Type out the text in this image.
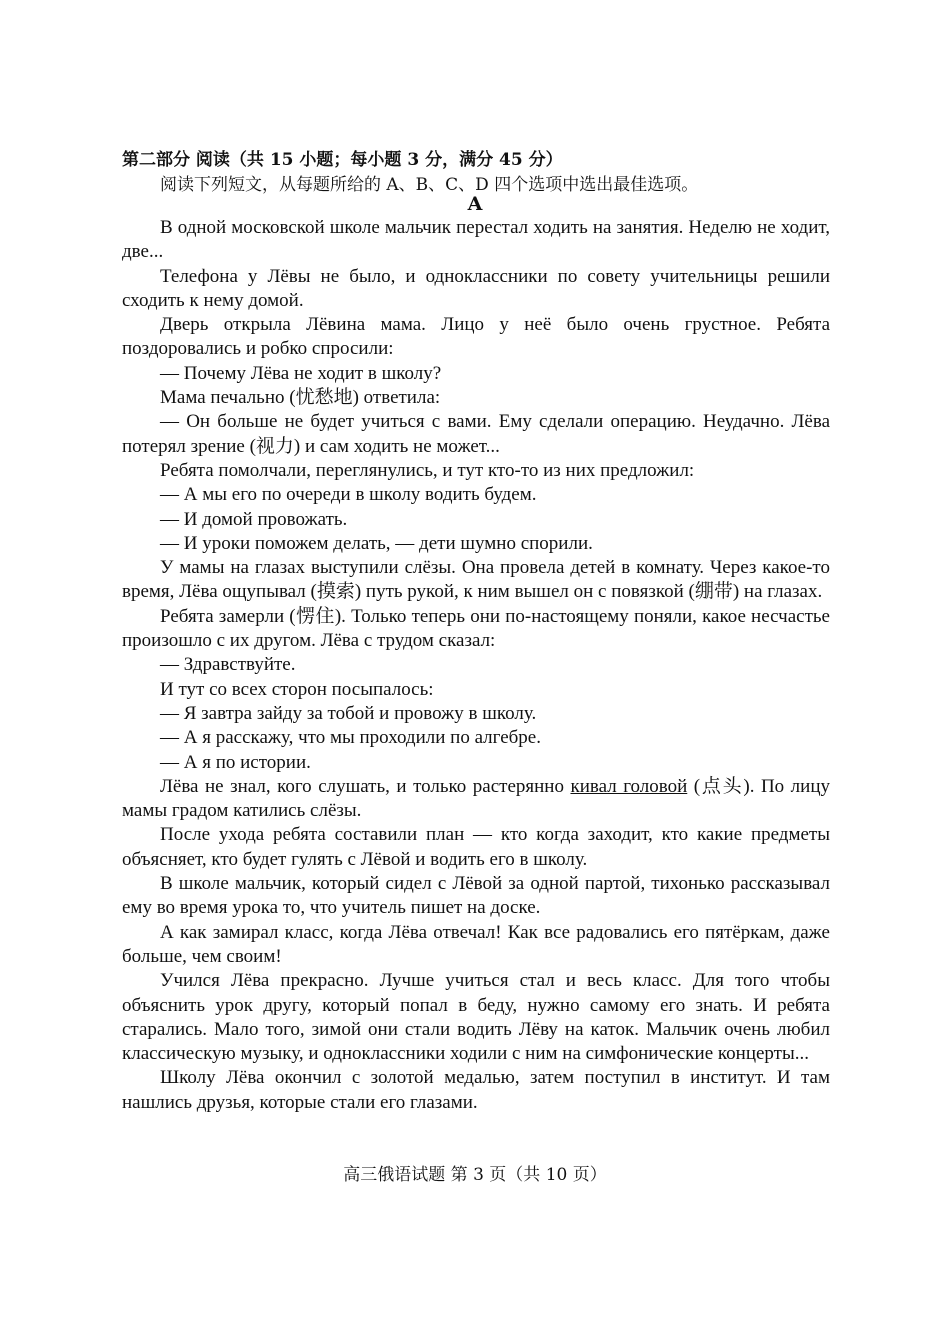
第二部分 阅读（共 15 小题；每小题 3 分，满分 45 分）
阅读下列短文，从每题所给的 A、B、C、D 四个选项中选出最佳选项。
A

В одной московской школе мальчик перестал ходить на занятия. Неделю не ходит, две...

Телефона у Лёвы не было, и одноклассники по совету учительницы решили сходить к нему домой.

Дверь открыла Лёвина мама. Лицо у неё было очень грустное. Ребята поздоровались и робко спросили:

— Почему Лёва не ходит в школу?

Мама печально (忧愁地) ответила:

— Он больше не будет учиться с вами. Ему сделали операцию. Неудачно. Лёва потерял зрение (视力) и сам ходить не может...

Ребята помолчали, переглянулись, и тут кто-то из них предложил:

— А мы его по очереди в школу водить будем.

— И домой провожать.

— И уроки поможем делать, — дети шумно спорили.

У мамы на глазах выступили слёзы. Она провела детей в комнату. Через какое-то время, Лёва ощупывал (摸索) путь рукой, к ним вышел он с повязкой (绷带) на глазах.

Ребята замерли (愣住). Только теперь они по-настоящему поняли, какое несчастье произошло с их другом. Лёва с трудом сказал:

— Здравствуйте.

И тут со всех сторон посыпалось:

— Я завтра зайду за тобой и провожу в школу.

— А я расскажу, что мы проходили по алгебре.

— А я по истории.

Лёва не знал, кого слушать, и только растерянно кивал головой (点头). По лицу мамы градом катились слёзы.

После ухода ребята составили план — кто когда заходит, кто какие предметы объясняет, кто будет гулять с Лёвой и водить его в школу.

В школе мальчик, который сидел с Лёвой за одной партой, тихонько рассказывал ему во время урока то, что учитель пишет на доске.

А как замирал класс, когда Лёва отвечал! Как все радовались его пятёркам, даже больше, чем своим!

Учился Лёва прекрасно. Лучше учиться стал и весь класс. Для того чтобы объяснить урок другу, который попал в беду, нужно самому его знать. И ребята старались. Мало того, зимой они стали водить Лёву на каток. Мальчик очень любил классическую музыку, и одноклассники ходили с ним на симфонические концерты...

Школу Лёва окончил с золотой медалью, затем поступил в институт. И там нашлись друзья, которые стали его глазами.

高三俄语试题 第 3 页（共 10 页）
